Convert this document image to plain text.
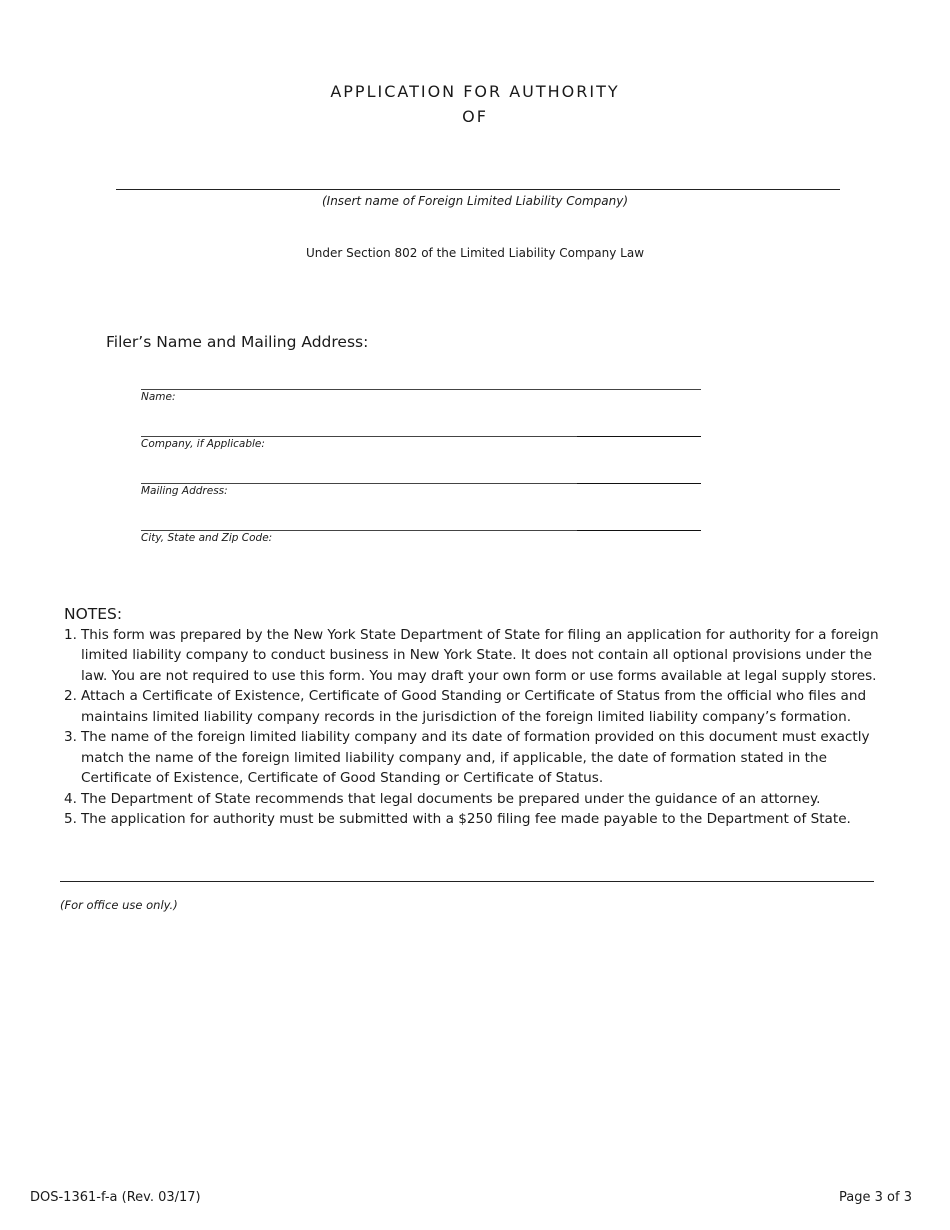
APPLICATION FOR AUTHORITY
OF
(Insert name of Foreign Limited Liability Company)
Under Section 802 of the Limited Liability Company Law
Filer’s Name and Mailing Address:
Name:
Company, if Applicable:
Mailing Address:
City, State and Zip Code:
NOTES:
1. This form was prepared by the New York State Department of State for filing an application for authority for a foreign limited liability company to conduct business in New York State. It does not contain all optional provisions under the law. You are not required to use this form. You may draft your own form or use forms available at legal supply stores.
2. Attach a Certificate of Existence, Certificate of Good Standing or Certificate of Status from the official who files and maintains limited liability company records in the jurisdiction of the foreign limited liability company’s formation.
3. The name of the foreign limited liability company and its date of formation provided on this document must exactly match the name of the foreign limited liability company and, if applicable, the date of formation stated in the Certificate of Existence, Certificate of Good Standing or Certificate of Status.
4. The Department of State recommends that legal documents be prepared under the guidance of an attorney.
5. The application for authority must be submitted with a $250 filing fee made payable to the Department of State.
(For office use only.)
DOS-1361-f-a (Rev. 03/17)	Page 3 of 3
